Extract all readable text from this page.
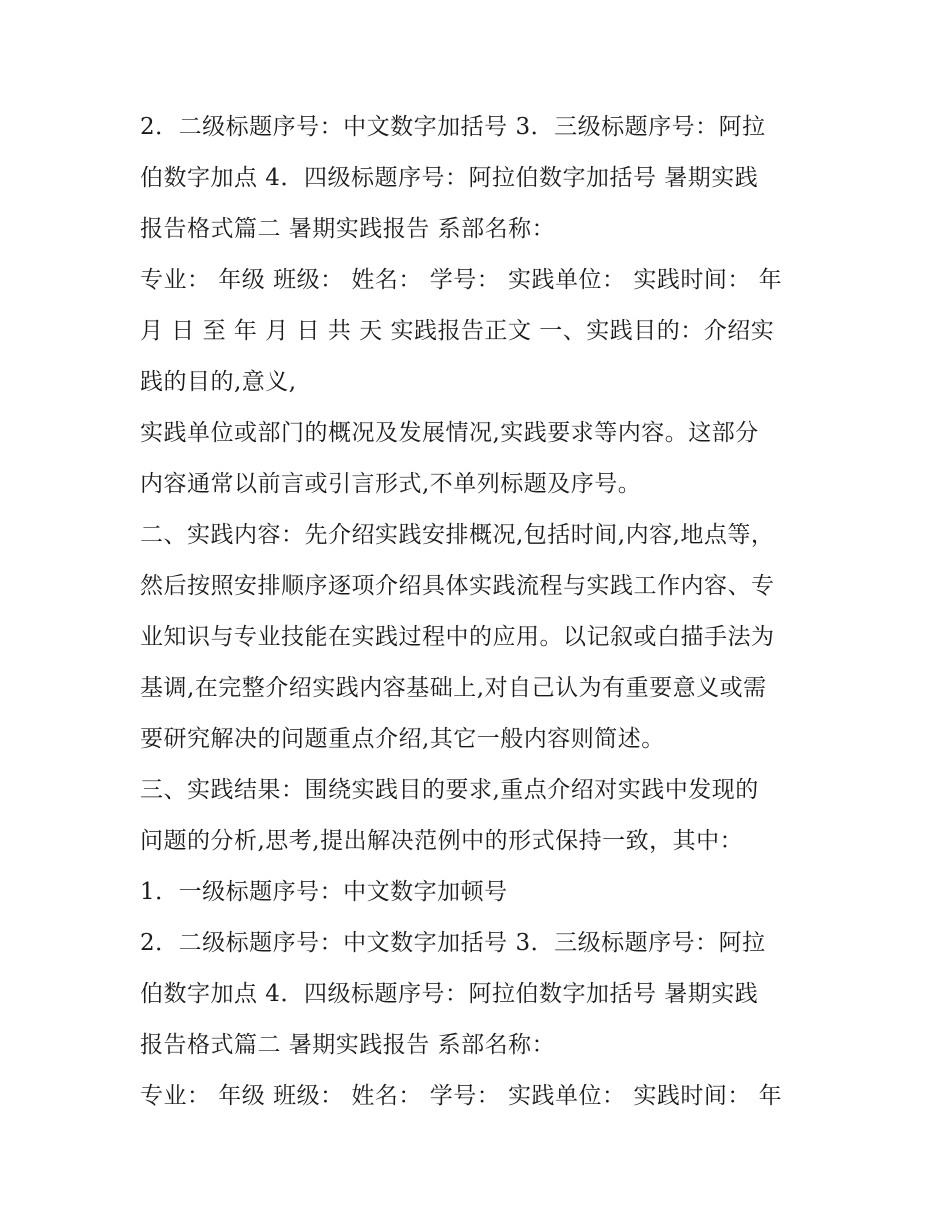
2．二级标题序号：中文数字加括号 3．三级标题序号：阿拉
伯数字加点 4．四级标题序号：阿拉伯数字加括号 暑期实践
报告格式篇二 暑期实践报告 系部名称：
专业： 年级 班级： 姓名： 学号： 实践单位： 实践时间： 年
月 日 至 年 月 日 共 天 实践报告正文 一、实践目的：介绍实
践的目的,意义,
实践单位或部门的概况及发展情况,实践要求等内容。这部分
内容通常以前言或引言形式,不单列标题及序号。
二、实践内容：先介绍实践安排概况,包括时间,内容,地点等，
然后按照安排顺序逐项介绍具体实践流程与实践工作内容、专
业知识与专业技能在实践过程中的应用。以记叙或白描手法为
基调,在完整介绍实践内容基础上,对自己认为有重要意义或需
要研究解决的问题重点介绍,其它一般内容则简述。
三、实践结果：围绕实践目的要求,重点介绍对实践中发现的
问题的分析,思考,提出解决范例中的形式保持一致，其中：
1．一级标题序号：中文数字加顿号
2．二级标题序号：中文数字加括号 3．三级标题序号：阿拉
伯数字加点 4．四级标题序号：阿拉伯数字加括号 暑期实践
报告格式篇二 暑期实践报告 系部名称：
专业： 年级 班级： 姓名： 学号： 实践单位： 实践时间： 年
